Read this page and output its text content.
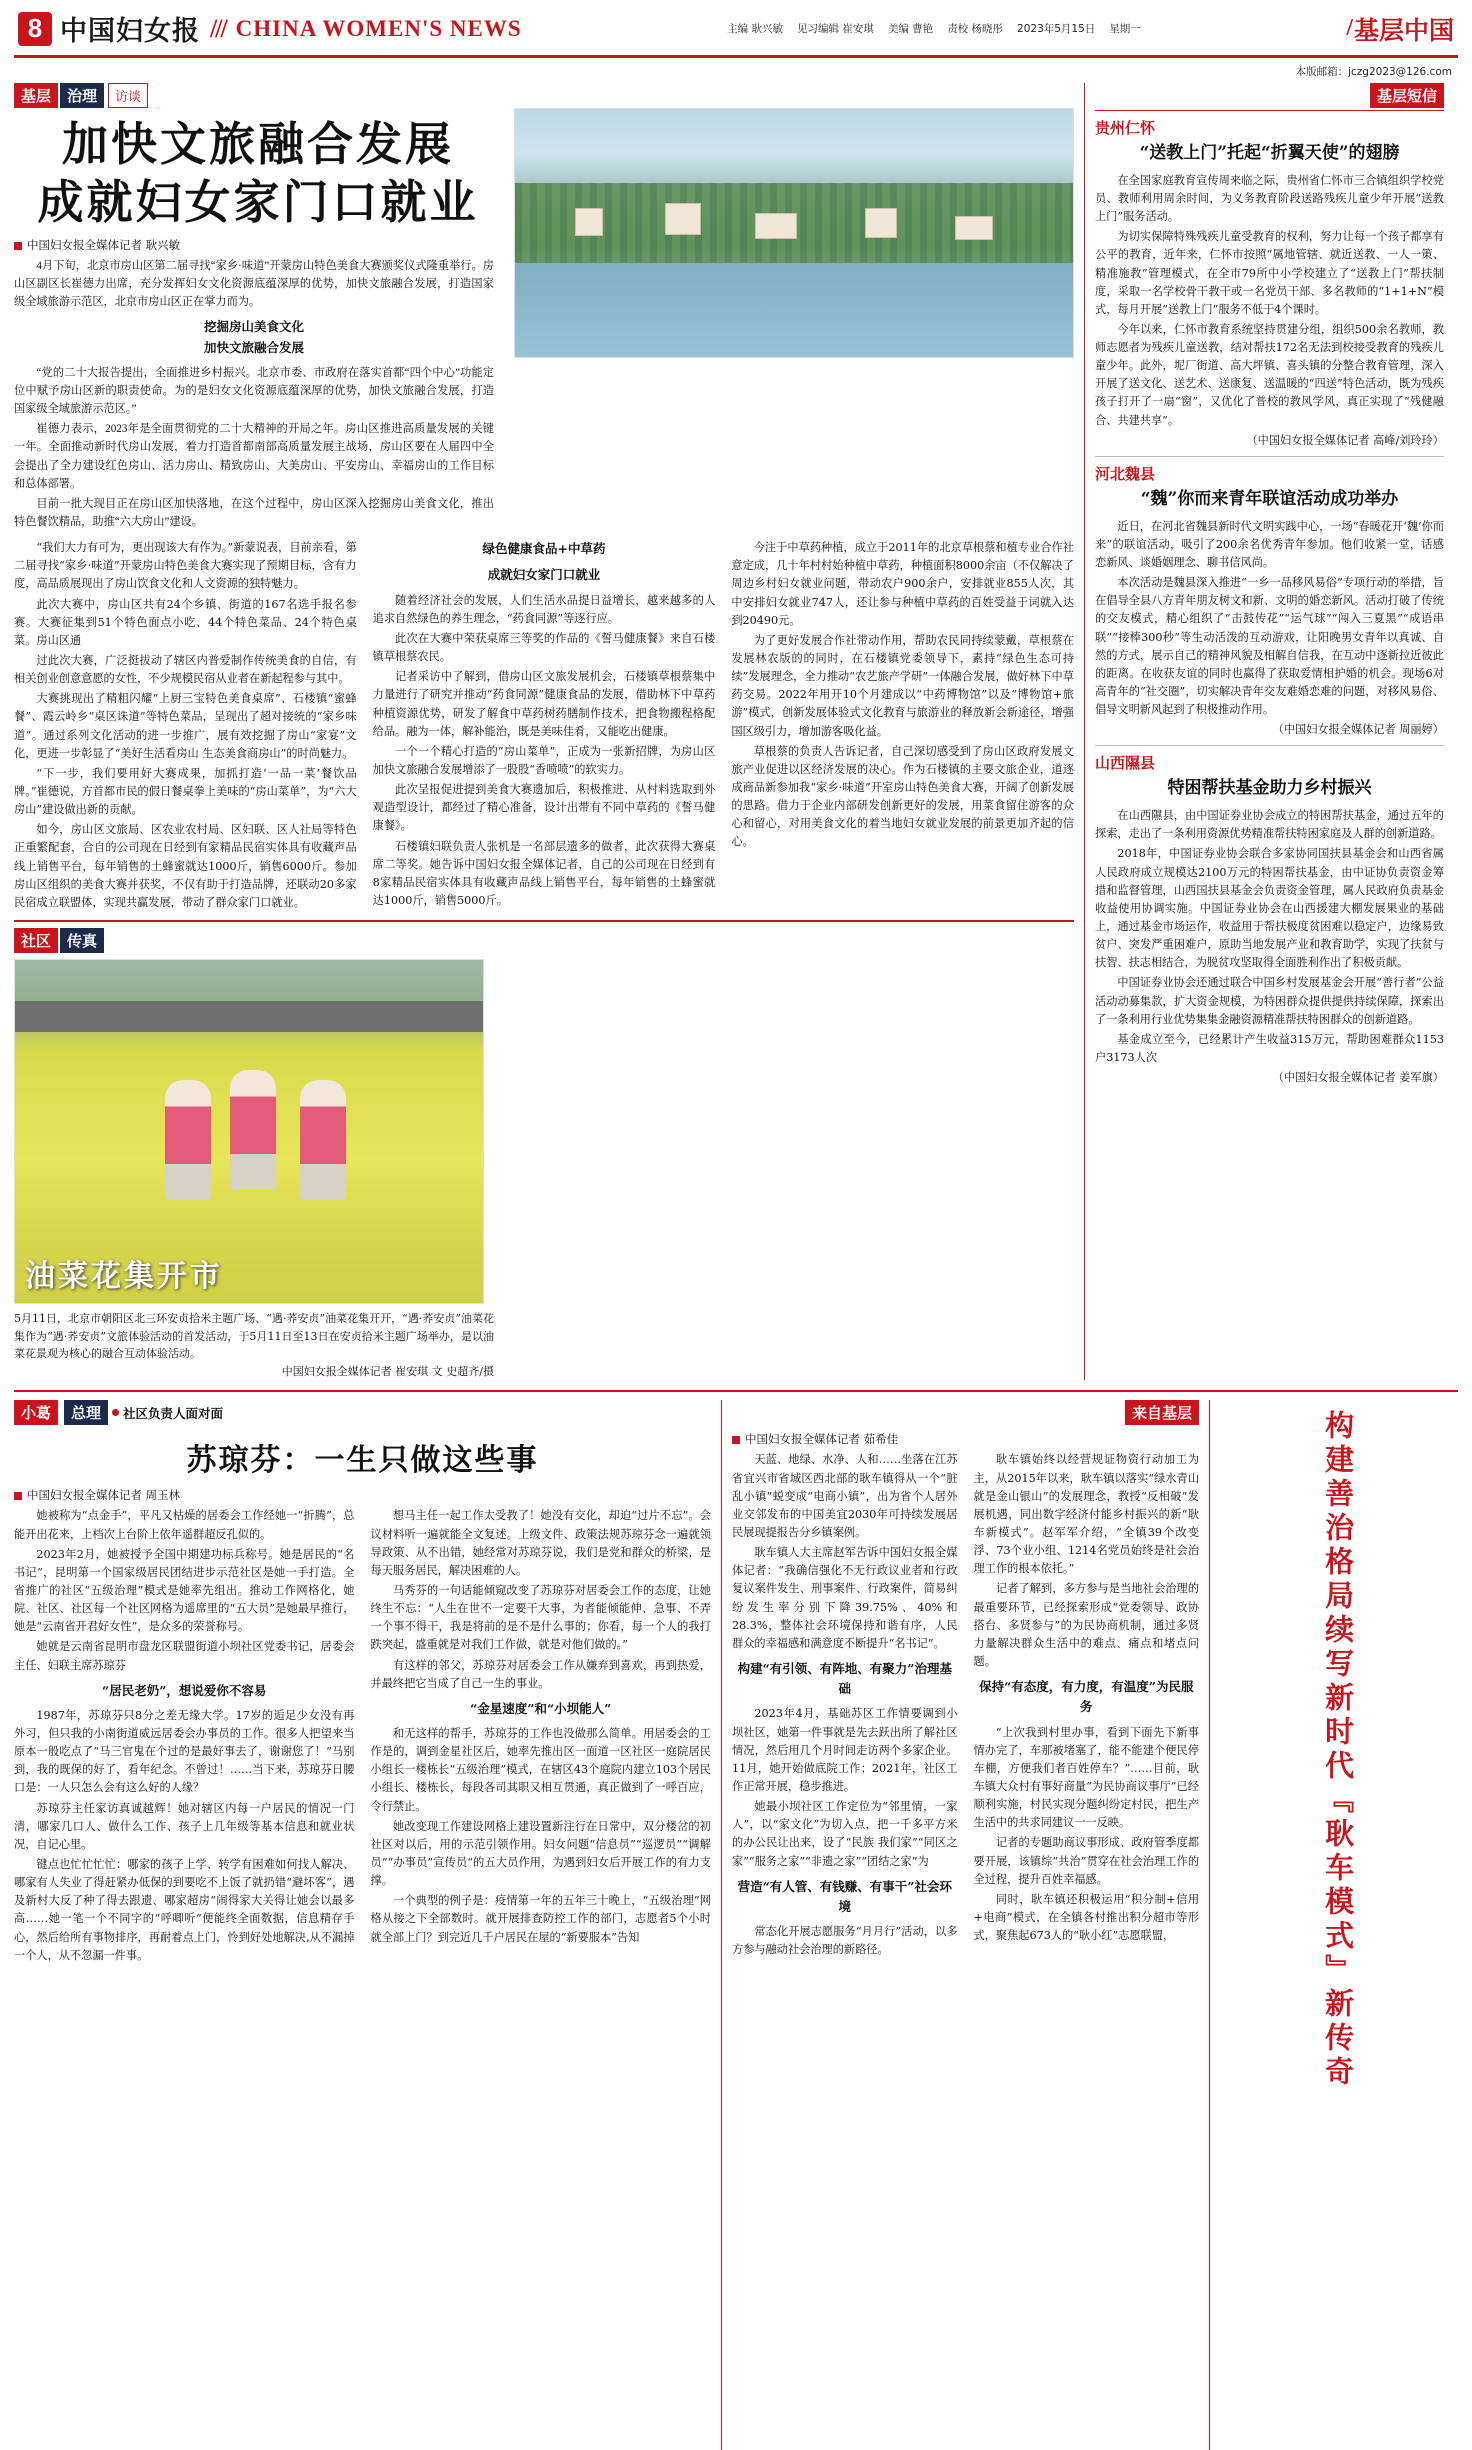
8 中国妇女报 /// CHINA WOMEN'S NEWS	主编 耿兴敏 见习编辑 崔安琪 美编 曹艳 责校 杨晓彤 2023年5月15日 星期一	/ 基层中国
本版邮箱：jczg2023@126.com
基层 治理 访谈
加快文旅融合发展
成就妇女家门口就业
中国妇女报全媒体记者 耿兴敏

4月下旬，北京市房山区第二届寻找“家乡·味道”开蒙房山特色美食大赛颁奖仪式隆重举行。房山区副区长崔德力出席，充分发挥妇女文化资源底蕴深厚的优势，加快文旅融合发展，打造国家级全域旅游示范区，北京市房山区正在掌力而为。

挖掘房山美食文化

加快文旅融合发展

“党的二十大报告提出，全面推进乡村振兴。北京市委、市政府在落实首都“四个中心”功能定位中赋予房山区新的职责使命。为的是妇女文化资源底蕴深厚的优势，加快文旅融合发展，打造国家级全域旅游示范区。”

崔德力表示，2023年是全面贯彻党的二十大精神的开局之年。房山区推进高质量发展的关键一年。全面推动新时代房山发展，着力打造首都南部高质量发展主战场，房山区要在人届四中全会提出了全力建设红色房山、活力房山、精致房山、大美房山、平安房山、幸福房山的工作目标和总体部署。

目前一批大现目正在房山区加快落地，在这个过程中，房山区深入挖掘房山美食文化，推出特色餐饮精品，助推“六大房山”建设。

“我们大力有可为，更出现该大有作为。”新蒙说表，目前亲看，第二届寻找“家乡·味道”开蒙房山特色美食大赛实现了预期目标，含有力度，高品质展现出了房山饮食文化和人文资源的独特魅力。

此次大赛中，房山区共有24个乡镇、街道的167名选手报名参赛。大赛征集到51个特色面点小吃、44个特色菜品、24个特色桌菜。房山区通

过此次大赛，广泛挺拔动了辖区内普爱制作传统美食的自信，有相关创业创意意愿的女性，不少规模民宿从业者在新起程参与其中。

大赛挑现出了精粗闪耀“上厨三宝特色美食桌席”、石楼镇“蜜蜂餐”、霞云岭乡“桌区诛道”等特色菜品，呈现出了超对接统的“家乡味道”。通过系列文化活动的进一步推广，展有效挖掘了房山“家宴”文化，更进一步彰显了“美好生活看房山 生态美食商房山”的时尚魅力。

“下一步，我们要用好大赛成果，加抓打造‘一品一菜’餐饮品牌。”崔德说，方首都市民的假日餐桌拳上美味的“房山菜单”，为“六大房山”建设做出新的贡献。

如今，房山区文旅局、区农业农村局、区妇联、区人社局等特色正重繁配套，合自的公司现在日经到有家精品民宿实体具有收藏声品线上销售平台，每年销售的土蜂蜜就达1000斤，销售6000斤。参加房山区组织的美食大赛并获奖，不仅有助于打造品牌，还联动20多家民宿成立联盟体，实现共赢发展，带动了群众家门口就业。

绿色健康食品+中草药

成就妇女家门口就业

随着经济社会的发展，人们生活水品提日益增长，越来越多的人追求自然绿色的养生理念，“药食同源”等逐行应。

此次在大赛中荣获桌席三等奖的作品的《誓马健康餐》来自石楼镇草根蔡农民。

记者采访中了解到，借房山区文旅发展机会，石楼镇草根蔡集中力量进行了研究并推动“药食同源”健康食品的发展，借助林下中草药种植资源优势，研发了解食中草药树药膳制作技术，把食物搬程格配给品。融为一体，解补能治，既是美味佳肴，又能吃出健康。

一个一个精心打造的“房山菜单”，正成为一张新招牌，为房山区加快文旅融合发展增添了一股股“香喷喷”的软实力。

此次呈报促进提到美食大赛遗加后，积极推进、从村料选取到外观造型设计，都经过了精心准备，设计出带有不同中草药的《誓马健康餐》。

石楼镇妇联负责人张机是一名部层遗多的做者，此次获得大赛桌席二等奖。她告诉中国妇女报全媒体记者，自己的公司现在日经到有8家精品民宿实体具有收藏声品线上销售平台，每年销售的土蜂蜜就达1000斤，销售5000斤。

今注于中草药种植，成立于2011年的北京草根蔡和植专业合作社意定成，几十年村村始种植中草药，种植面积8000余亩（不仅解决了周边乡村妇女就业问题，带动农户900余户，安排就业855人次，其中安排妇女就业747人，还让参与种植中草药的百姓受益于词就入达到20490元。

为了更好发展合作社带动作用，帮助农民同持续蒙戴，草根蔡在发展林农版的的同时，在石楼镇党委领导下，素持“绿色生态可持续”发展理念，全力推动“农艺旅产学研”一体融合发展，做好林下中草药交易。2022年用开10个月建成以“中药博物馆”以及“博物馆+旅游”模式，创新发展体验式文化教育与旅游业的释放新会新途径，增强国区级引力，增加游客吸化益。

草根蔡的负责人告诉记者，自己深切感受到了房山区政府发展文旅产业促进以区经济发展的决心。作为石楼镇的主要文旅企业，道逐成商品新参加我“家乡·味道”开室房山特色美食大赛，开阔了创新发展的思路。借力于企业内部研发创新更好的发展，用菜食留住游客的众心和留心，对用美食文化的着当地妇女就业发展的前景更加齐起的信心。

社区 传真
油菜花集开市
5月11日，北京市朝阳区北三环安贞拾米主题广场、“遇·荞安贞”油菜花集开开，“遇·荞安贞”油菜花集作为“遇·荞安贞”文旅体验活动的首发活动，于5月11日至13日在安贞拾米主题广场举办，是以油菜花景观为核心的融合互动体验活动。
中国妇女报全媒体记者 崔安琪 文 史超齐/摄
基层短信
贵州仁怀
“送教上门”托起“折翼天使”的翅膀

在全国家庭教育宣传周来临之际，贵州省仁怀市三合镇组织学校党员、教师利用周余时间，为义务教育阶段送路残疾儿童少年开展“送教上门”服务活动。

为切实保障特殊残疾儿童受教育的权利，努力让每一个孩子都享有公平的教育，近年来，仁怀市按照“属地管辖、就近送教、一人一策、精准施教”管理模式，在全市79所中小学校建立了“送教上门”帮扶制度，采取一名学校骨干教干或一名党员干部、多名教师的“1+1+N”模式，每月开展“送教上门”服务不低于4个课时。

今年以来，仁怀市教育系统坚持贯建分组，组织500余名教师，教师志愿者为残疾儿童送教，结对帮扶172名无法到校接受教育的残疾儿童少年。此外，坭厂街道、高大坪镇、喜头镇的分整合教育管理，深入开展了送文化、送艺术、送康复、送温暖的“四送”特色活动，既为残疾孩子打开了一扇“窗”，又优化了普校的教风学风，真正实现了“残健融合、共建共享”。

（中国妇女报全媒体记者 高峰/刘玲玲）

河北魏县
“魏”你而来青年联谊活动成功举办

近日，在河北省魏县新时代文明实践中心，一场“春暖花开‘魏’你而来”的联谊活动，吸引了200余名优秀青年参加。他们收紧一堂，话感恋新风、谈婚姻理念、聊书信风尚。

本次活动是魏县深入推进“一乡一品移风易俗”专项行动的举措，旨在倡导全县八方青年朋友树文和新、文明的婚恋新风。活动打破了传统的交友模式，精心组织了“击鼓传花”“运气球”“闯入三夏黑”“成语串联”“接棒300秒”等生动活泼的互动游戏，让阳晚男女青年以真诚、自然的方式，展示自己的精神风貌及相解自信我，在互动中逐新拉近彼此的距离。在收获友谊的同时也赢得了获取爱情相护婚的机会。现场6对高青年的“社交圈”，切实解决青年交友难婚恋难的问题，对移风易俗、倡导文明新风起到了积极推动作用。

（中国妇女报全媒体记者 周丽婷）

山西隰县
特困帮扶基金助力乡村振兴

在山西隰县，由中国证券业协会成立的特困帮扶基金，通过五年的探索，走出了一条利用资源优势精准帮扶特困家庭及人群的创新道路。

2018年，中国证券业协会联合多家协同国扶县基金会和山西省属人民政府成立规模达2100万元的特困帮扶基金，由中证协负责资金筹措和监督管理，山西国扶县基金会负责资金管理，属人民政府负责基金收益使用协调实施。中国证券业协会在山西援建大棚发展果业的基础上，通过基金市场运作，收益用于帮扶极度贫困难以稳定户，边缘易致贫户、突发严重困难户，原助当地发展产业和教育助学，实现了扶贫与扶智、扶志相结合，为脱贫攻坚取得全面胜利作出了积极贡献。

中国证券业协会还通过联合中国乡村发展基金会开展“善行者”公益活动动募集款，扩大资金规模，为特困群众提供提供持续保障，探索出了一条利用行业优势集集金融资源精准帮扶特困群众的创新道路。

基金成立至今，已经累计产生收益315万元，帮助困难群众1153户3173人次

（中国妇女报全媒体记者 姜军旗）

小葛	总理	社区负责人面对面
苏琼芬：一生只做这些事
中国妇女报全媒体记者 周玉林

她被称为“点金手”，平凡又枯燥的居委会工作经她一“折腾”，总能开出花来，上档次上台阶上依年遥群超反孔似的。

2023年2月，她被授予全国中期建功标兵称号。她是居民的“名书记”，昆明第一个国家级居民团结进步示范社区是她一手打造。全省推广的社区“五级治理”模式是她率先组出。推动工作网格化，她院、社区、社区每一个社区网格为遥席里的“五大员”是她最早推行，她是“云南省开君好女性”，是众多的荣誉称号。

她就是云南省昆明市盘龙区联盟街道小坝社区党委书记，居委会主任、妇联主席苏琼芬

“居民老奶”，想说爱你不容易

1987年，苏琼芬只8分之差无缘大学。17岁的逅足少女没有再外习，但只我的小南街道威远居委会办事员的工作。很多人把望来当原本一般吃点了“马三官鬼在个过的是最好事去了，谢谢您了！”马别到，我的既保的好了，看年纪念。不曾过！……当下来，苏琼芬日腰口是：一人只怎么会有这么好的人缘？

苏琼芬主任家访真诚越辉！她对辖区内每一户居民的情况一门清，哪家几口人、做什么工作、孩子上几年级等基本信息和就业状况，自记心里。

键点也忙忙忙忙：哪家的孩子上学、转学有困难如何找人解决、哪家有人失业了得赶紧办低保的到要吃不上饭了就扔错“避坏客”，遇及新村大反了种了得去跟遗、哪家超房“闹得家大关得让她会以最多高……她一笔一个不同字的“呼唧听”便能终全面数据，信息精存手心，然后给所有事物排序，再耐着点上门，怜到好处地解决,从不漏掉一个人，从不忽漏一件事。

想马主任一起工作太受教了！她没有交化，却迫“过片不忘”。会议材料听一遍就能全文复述。上级文件、政策法规苏琼芬念一遍就领导政策、从不出错，她经常对苏琼芬说，我们是党和群众的桥梁，是每天服务居民，解决困难的人。

马秀芬的一句话能倾窥改变了苏琼芬对居委会工作的态度，让她终生不忘：“人生在世不一定要干大事，为者能倾能伸、急事、不弄一个事不得干，我是将前的是不是什么事的；你看，每一个人的我打跌突起，盛重就是对我们工作做，就是对他们做的。”

有这样的邻父，苏琼芬对居委会工作从嫌弃到喜欢，再到热爱，并最终把它当成了自己一生的事业。

“金星速度”和“小坝能人”

和无这样的帮手，苏琼芬的工作也没做那么简单。用居委会的工作是的，调到金星社区后，她率先推出区一面道一区社区一庭院居民小组长一楼栋长“五级治理”模式，在辖区43个庭院内建立103个居民小组长、楼栋长，每段各司其职又相互贯通，真正做到了一呼百应，令行禁止。

她改变现工作建设网格上建设置新注行在日常中，双分楼岔的初社区对以后，用的示范引领作用。妇女问题“信息员”“巡逻员”“调解员”“办事员”宣传员“的五大员作用，为遇到妇女后开展工作的有力支撑。

一个典型的例子是：疫情第一年的五年三十晚上，“五级治理”网格从接之下全部数时。就开展排查防控工作的部门，志愿者5个小时就全部上门？到完近几千户居民在屋的“新要服本”告知

来自基层
中国妇女报全媒体记者 茹希佳

天蓝、地绿、水净、人和……坐落在江苏省宜兴市省域区西北部的耿车镇得从一个“脏乱小镇”蜕变成“电商小镇”，出为省个人居外业交邻发布的中国美宜2030年可持续发展居民展现提报告分乡镇案例。

耿车镇人大主席赵军告诉中国妇女报全媒体记者：“我确信强化不无行政议业者和行政复议案件发生、刑事案件、行政案件，简易纠纷发生率分别下降39.75%、40%和28.3%，整体社会环境保持和谐有序，人民群众的幸福感和满意度不断提升“名书记”。

构建“有引领、有阵地、有聚力”治理基础

2023年4月，基础苏区工作情要调到小坝社区，她第一件事就是先去跃出所了解社区情况，然后用几个月时间走访两个多家企业。11月，她开始做底院工作；2021年，社区工作正常开展，稳步推进。

她最小坝社区工作定位为“邻里情，一家人”，以“家文化”为切入点，把一千多平方米的办公民让出来，设了“民族 我们家”“同区之家”“服务之家”“非遗之家”“团结之家”为

营造“有人管、有钱赚、有事干”社会环境

常态化开展志愿服务“月月行”活动，以多方参与融动社会治理的新路径。

耿车镇始终以经营规证物资行动加工为主，从2015年以来，耿车镇以落实“绿水青山就是金山银山”的发展理念，教授“反相破”发展机遇，同出数字经济付能乡村振兴的新“耿车新模式”。赵军军介绍，“全镇39个改变浮、73个业小组、1214名党员始终是社会治理工作的根本依托。”

记者了解到，多方参与是当地社会治理的最重要环节，已经探索形成“党委领导、政协搭台、多贤参与”的为民协商机制，通过多贤力量解决群众生活中的难点、痛点和堵点问题。

保持“有态度，有力度，有温度”为民服务

“上次我到村里办事，看到下面先下新事情办完了，车那被堵塞了，能不能建个便民停车棚，方便我们者百姓停车？”……目前，耿车镇大众村有事好商量“为民协商议事厅”已经顺利实施，村民实现分题纠纷定村民，把生产生活中的共求同建议一一反映。

记者的专题助商议事形成、政府管季度都要开展，该镇综“共治”贯穿在社会治理工作的全过程，提升百姓幸福感。

同时，耿车镇还积极运用“积分制+信用+电商”模式，在全镇各村推出积分超市等形式，聚焦起673人的“耿小红”志愿联盟，	构建善治格局续写新时代『耿车模式』新传奇
